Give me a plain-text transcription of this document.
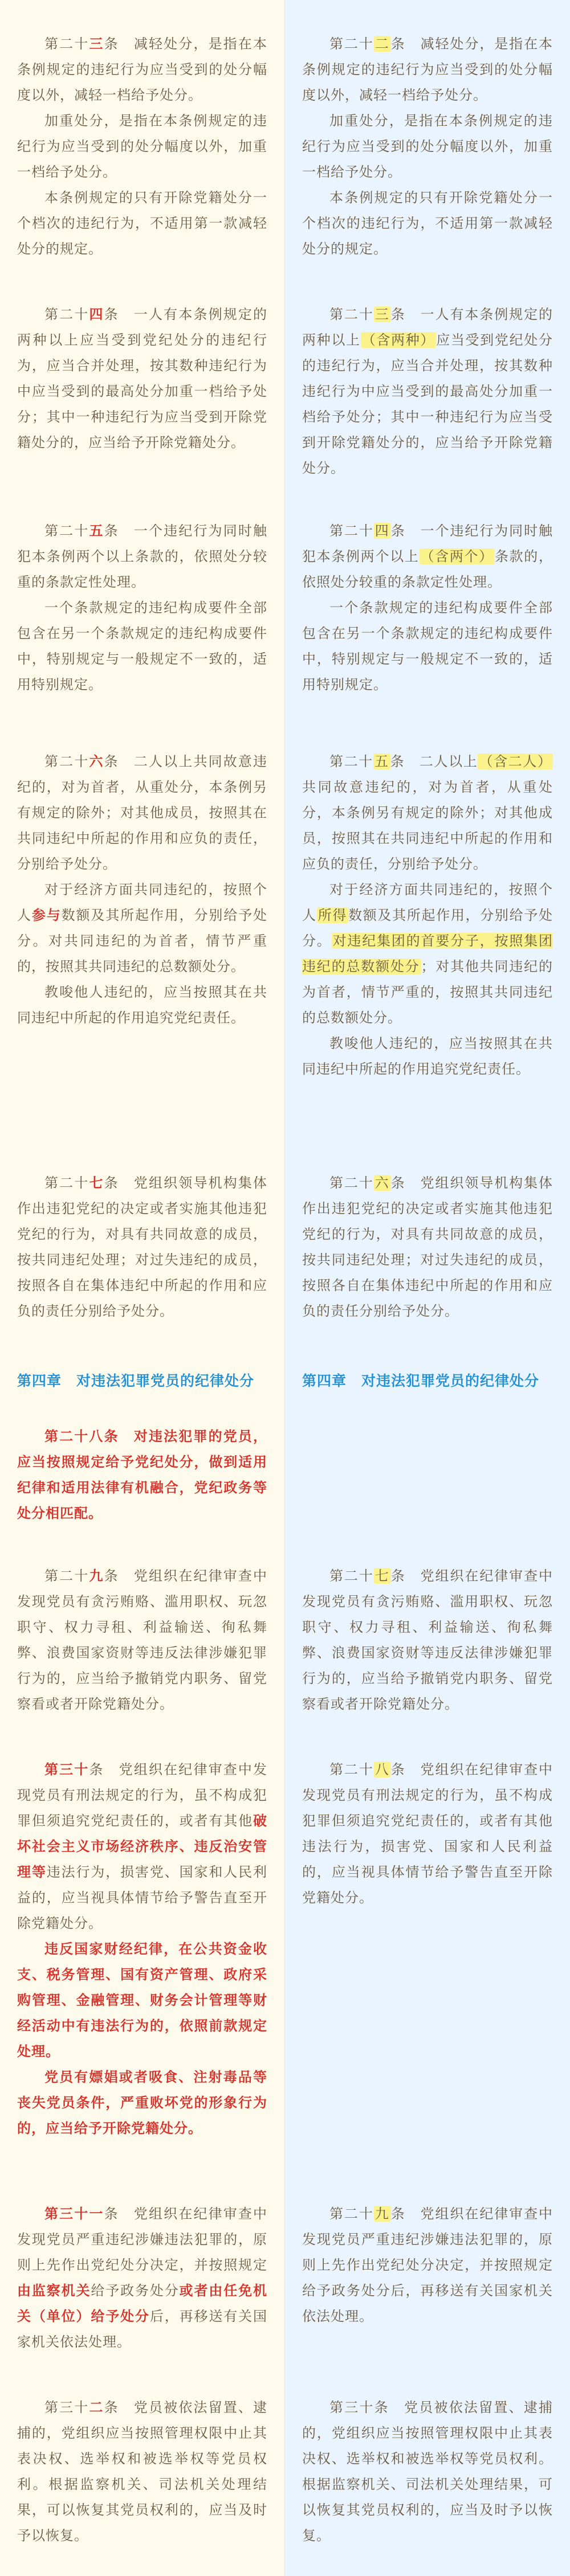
第二十三条　减轻处分，是指在本条例规定的违纪行为应当受到的处分幅度以外，减轻一档给予处分。

加重处分，是指在本条例规定的违纪行为应当受到的处分幅度以外，加重一档给予处分。

本条例规定的只有开除党籍处分一个档次的违纪行为，不适用第一款减轻处分的规定。

第二十四条　一人有本条例规定的两种以上应当受到党纪处分的违纪行为，应当合并处理，按其数种违纪行为中应当受到的最高处分加重一档给予处分；其中一种违纪行为应当受到开除党籍处分的，应当给予开除党籍处分。

第二十五条　一个违纪行为同时触犯本条例两个以上条款的，依照处分较重的条款定性处理。

一个条款规定的违纪构成要件全部包含在另一个条款规定的违纪构成要件中，特别规定与一般规定不一致的，适用特别规定。

第二十六条　二人以上共同故意违纪的，对为首者，从重处分，本条例另有规定的除外；对其他成员，按照其在共同违纪中所起的作用和应负的责任，分别给予处分。

对于经济方面共同违纪的，按照个人参与数额及其所起作用，分别给予处分。对共同违纪的为首者，情节严重的，按照其共同违纪的总数额处分。

教唆他人违纪的，应当按照其在共同违纪中所起的作用追究党纪责任。

第二十七条　党组织领导机构集体作出违犯党纪的决定或者实施其他违犯党纪的行为，对具有共同故意的成员，按共同违纪处理；对过失违纪的成员，按照各自在集体违纪中所起的作用和应负的责任分别给予处分。

第四章　对违法犯罪党员的纪律处分

第二十八条　对违法犯罪的党员，应当按照规定给予党纪处分，做到适用纪律和适用法律有机融合，党纪政务等处分相匹配。

第二十九条　党组织在纪律审查中发现党员有贪污贿赂、滥用职权、玩忽职守、权力寻租、利益输送、徇私舞弊、浪费国家资财等违反法律涉嫌犯罪行为的，应当给予撤销党内职务、留党察看或者开除党籍处分。

第三十条　党组织在纪律审查中发现党员有刑法规定的行为，虽不构成犯罪但须追究党纪责任的，或者有其他破坏社会主义市场经济秩序、违反治安管理等违法行为，损害党、国家和人民利益的，应当视具体情节给予警告直至开除党籍处分。

违反国家财经纪律，在公共资金收支、税务管理、国有资产管理、政府采购管理、金融管理、财务会计管理等财经活动中有违法行为的，依照前款规定处理。

党员有嫖娼或者吸食、注射毒品等丧失党员条件，严重败坏党的形象行为的，应当给予开除党籍处分。

第三十一条　党组织在纪律审查中发现党员严重违纪涉嫌违法犯罪的，原则上先作出党纪处分决定，并按照规定由监察机关给予政务处分或者由任免机关（单位）给予处分后，再移送有关国家机关依法处理。

第三十二条　党员被依法留置、逮捕的，党组织应当按照管理权限中止其表决权、选举权和被选举权等党员权利。根据监察机关、司法机关处理结果，可以恢复其党员权利的，应当及时予以恢复。

第二十二条　减轻处分，是指在本条例规定的违纪行为应当受到的处分幅度以外，减轻一档给予处分。

加重处分，是指在本条例规定的违纪行为应当受到的处分幅度以外，加重一档给予处分。

本条例规定的只有开除党籍处分一个档次的违纪行为，不适用第一款减轻处分的规定。

第二十三条　一人有本条例规定的两种以上（含两种）应当受到党纪处分的违纪行为，应当合并处理，按其数种违纪行为中应当受到的最高处分加重一档给予处分；其中一种违纪行为应当受到开除党籍处分的，应当给予开除党籍处分。

第二十四条　一个违纪行为同时触犯本条例两个以上（含两个）条款的，依照处分较重的条款定性处理。

一个条款规定的违纪构成要件全部包含在另一个条款规定的违纪构成要件中，特别规定与一般规定不一致的，适用特别规定。

第二十五条　二人以上（含二人）共同故意违纪的，对为首者，从重处分，本条例另有规定的除外；对其他成员，按照其在共同违纪中所起的作用和应负的责任，分别给予处分。

对于经济方面共同违纪的，按照个人所得数额及其所起作用，分别给予处分。对违纪集团的首要分子，按照集团违纪的总数额处分；对其他共同违纪的为首者，情节严重的，按照其共同违纪的总数额处分。

教唆他人违纪的，应当按照其在共同违纪中所起的作用追究党纪责任。

第二十六条　党组织领导机构集体作出违犯党纪的决定或者实施其他违犯党纪的行为，对具有共同故意的成员，按共同违纪处理；对过失违纪的成员，按照各自在集体违纪中所起的作用和应负的责任分别给予处分。

第四章　对违法犯罪党员的纪律处分

第二十七条　党组织在纪律审查中发现党员有贪污贿赂、滥用职权、玩忽职守、权力寻租、利益输送、徇私舞弊、浪费国家资财等违反法律涉嫌犯罪行为的，应当给予撤销党内职务、留党察看或者开除党籍处分。

第二十八条　党组织在纪律审查中发现党员有刑法规定的行为，虽不构成犯罪但须追究党纪责任的，或者有其他违法行为，损害党、国家和人民利益的，应当视具体情节给予警告直至开除党籍处分。

第二十九条　党组织在纪律审查中发现党员严重违纪涉嫌违法犯罪的，原则上先作出党纪处分决定，并按照规定给予政务处分后，再移送有关国家机关依法处理。

第三十条　党员被依法留置、逮捕的，党组织应当按照管理权限中止其表决权、选举权和被选举权等党员权利。根据监察机关、司法机关处理结果，可以恢复其党员权利的，应当及时予以恢复。
